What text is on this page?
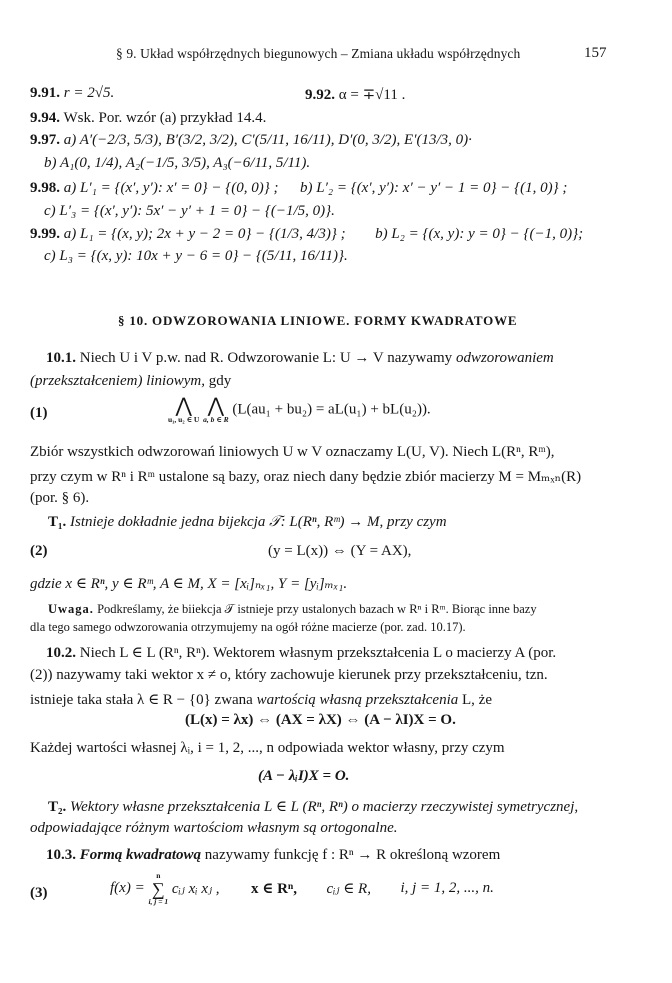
§ 9. Układ współrzędnych biegunowych – Zmiana układu współrzędnych	157
9.91. r = 2√5.	9.92. α = ∓√11 .
9.94. Wsk. Por. wzór (a) przykład 14.4.
9.97. a) A′(−2/3, 5/3), B′(3/2, 3/2), C′(5/11, 16/11), D′(0, 3/2), E′(13/3, 0)·
b) A₁(0, 1/4), A₂(−1/5, 3/5), A₃(−6/11, 5/11).
9.98. a) L′₁ = {(x′, y′): x′ = 0} − {(0, 0)} ; b) L′₂ = {(x′, y′): x′ − y′ − 1 = 0} − {(1, 0)} ;
c) L′₃ = {(x′, y′): 5x′ − y′ + 1 = 0} − {(−1/5, 0)}.
9.99. a) L₁ = {(x, y); 2x + y − 2 = 0} − {(1/3, 4/3)} ; b) L₂ = {(x, y): y = 0} − {(−1, 0)};
c) L₃ = {(x, y): 10x + y − 6 = 0} − {(5/11, 16/11)}.
§ 10. ODWZOROWANIA LINIOWE. FORMY KWADRATOWE
10.1. Niech U i V p.w. nad R. Odwzorowanie L: U → V nazywamy odwzorowaniem
(przekształceniem) liniowym, gdy
(1)	⋀
u₁, u₂ ∈ U

⋀
a, b ∈ R
(L(au₁ + bu₂) = aL(u₁) + bL(u₂)).
Zbiór wszystkich odwzorowań liniowych U w V oznaczamy L(U, V). Niech L(Rⁿ, Rᵐ),
przy czym w Rⁿ i Rᵐ ustalone są bazy, oraz niech dany będzie zbiór macierzy M = Mₘₓₙ(R)
(por. § 6).
T₁. Istnieje dokładnie jedna bijekcja 𝒯: L(Rⁿ, Rᵐ) → M, przy czym
(2)	(y = L(x)) ⇔ (Y = AX),
gdzie x ∈ Rⁿ, y ∈ Rᵐ, A ∈ M, X = [xᵢ]ₙₓ₁, Y = [yᵢ]ₘₓ₁.
Uwaga. Podkreślamy, że biiekcja 𝒯 istnieje przy ustalonych bazach w Rⁿ i Rᵐ. Biorąc inne bazy
dla tego samego odwzorowania otrzymujemy na ogół różne macierze (por. zad. 10.17).
10.2. Niech L ∈ L (Rⁿ, Rⁿ). Wektorem własnym przekształcenia L o macierzy A (por.
(2)) nazywamy taki wektor x ≠ o, który zachowuje kierunek przy przekształceniu, tzn.
istnieje taka stała λ ∈ R − {0} zwana wartością własną przekształcenia L, że
(L(x) = λx) ⇔ (AX = λX) ⇔ (A − λI)X = O.
Każdej wartości własnej λᵢ, i = 1, 2, ..., n odpowiada wektor własny, przy czym
(A − λᵢI)X = O.
T₂. Wektory własne przekształcenia L ∈ L (Rⁿ, Rⁿ) o macierzy rzeczywistej symetrycznej,
odpowiadające różnym wartościom własnym są ortogonalne.
10.3. Formą kwadratową nazywamy funkcję f : Rⁿ → R określoną wzorem
(3)	f(x) =
n
∑
i, j = 1
cᵢⱼ xᵢ xⱼ , x ∈ Rⁿ, cᵢⱼ ∈ R, i, j = 1, 2, ..., n.
